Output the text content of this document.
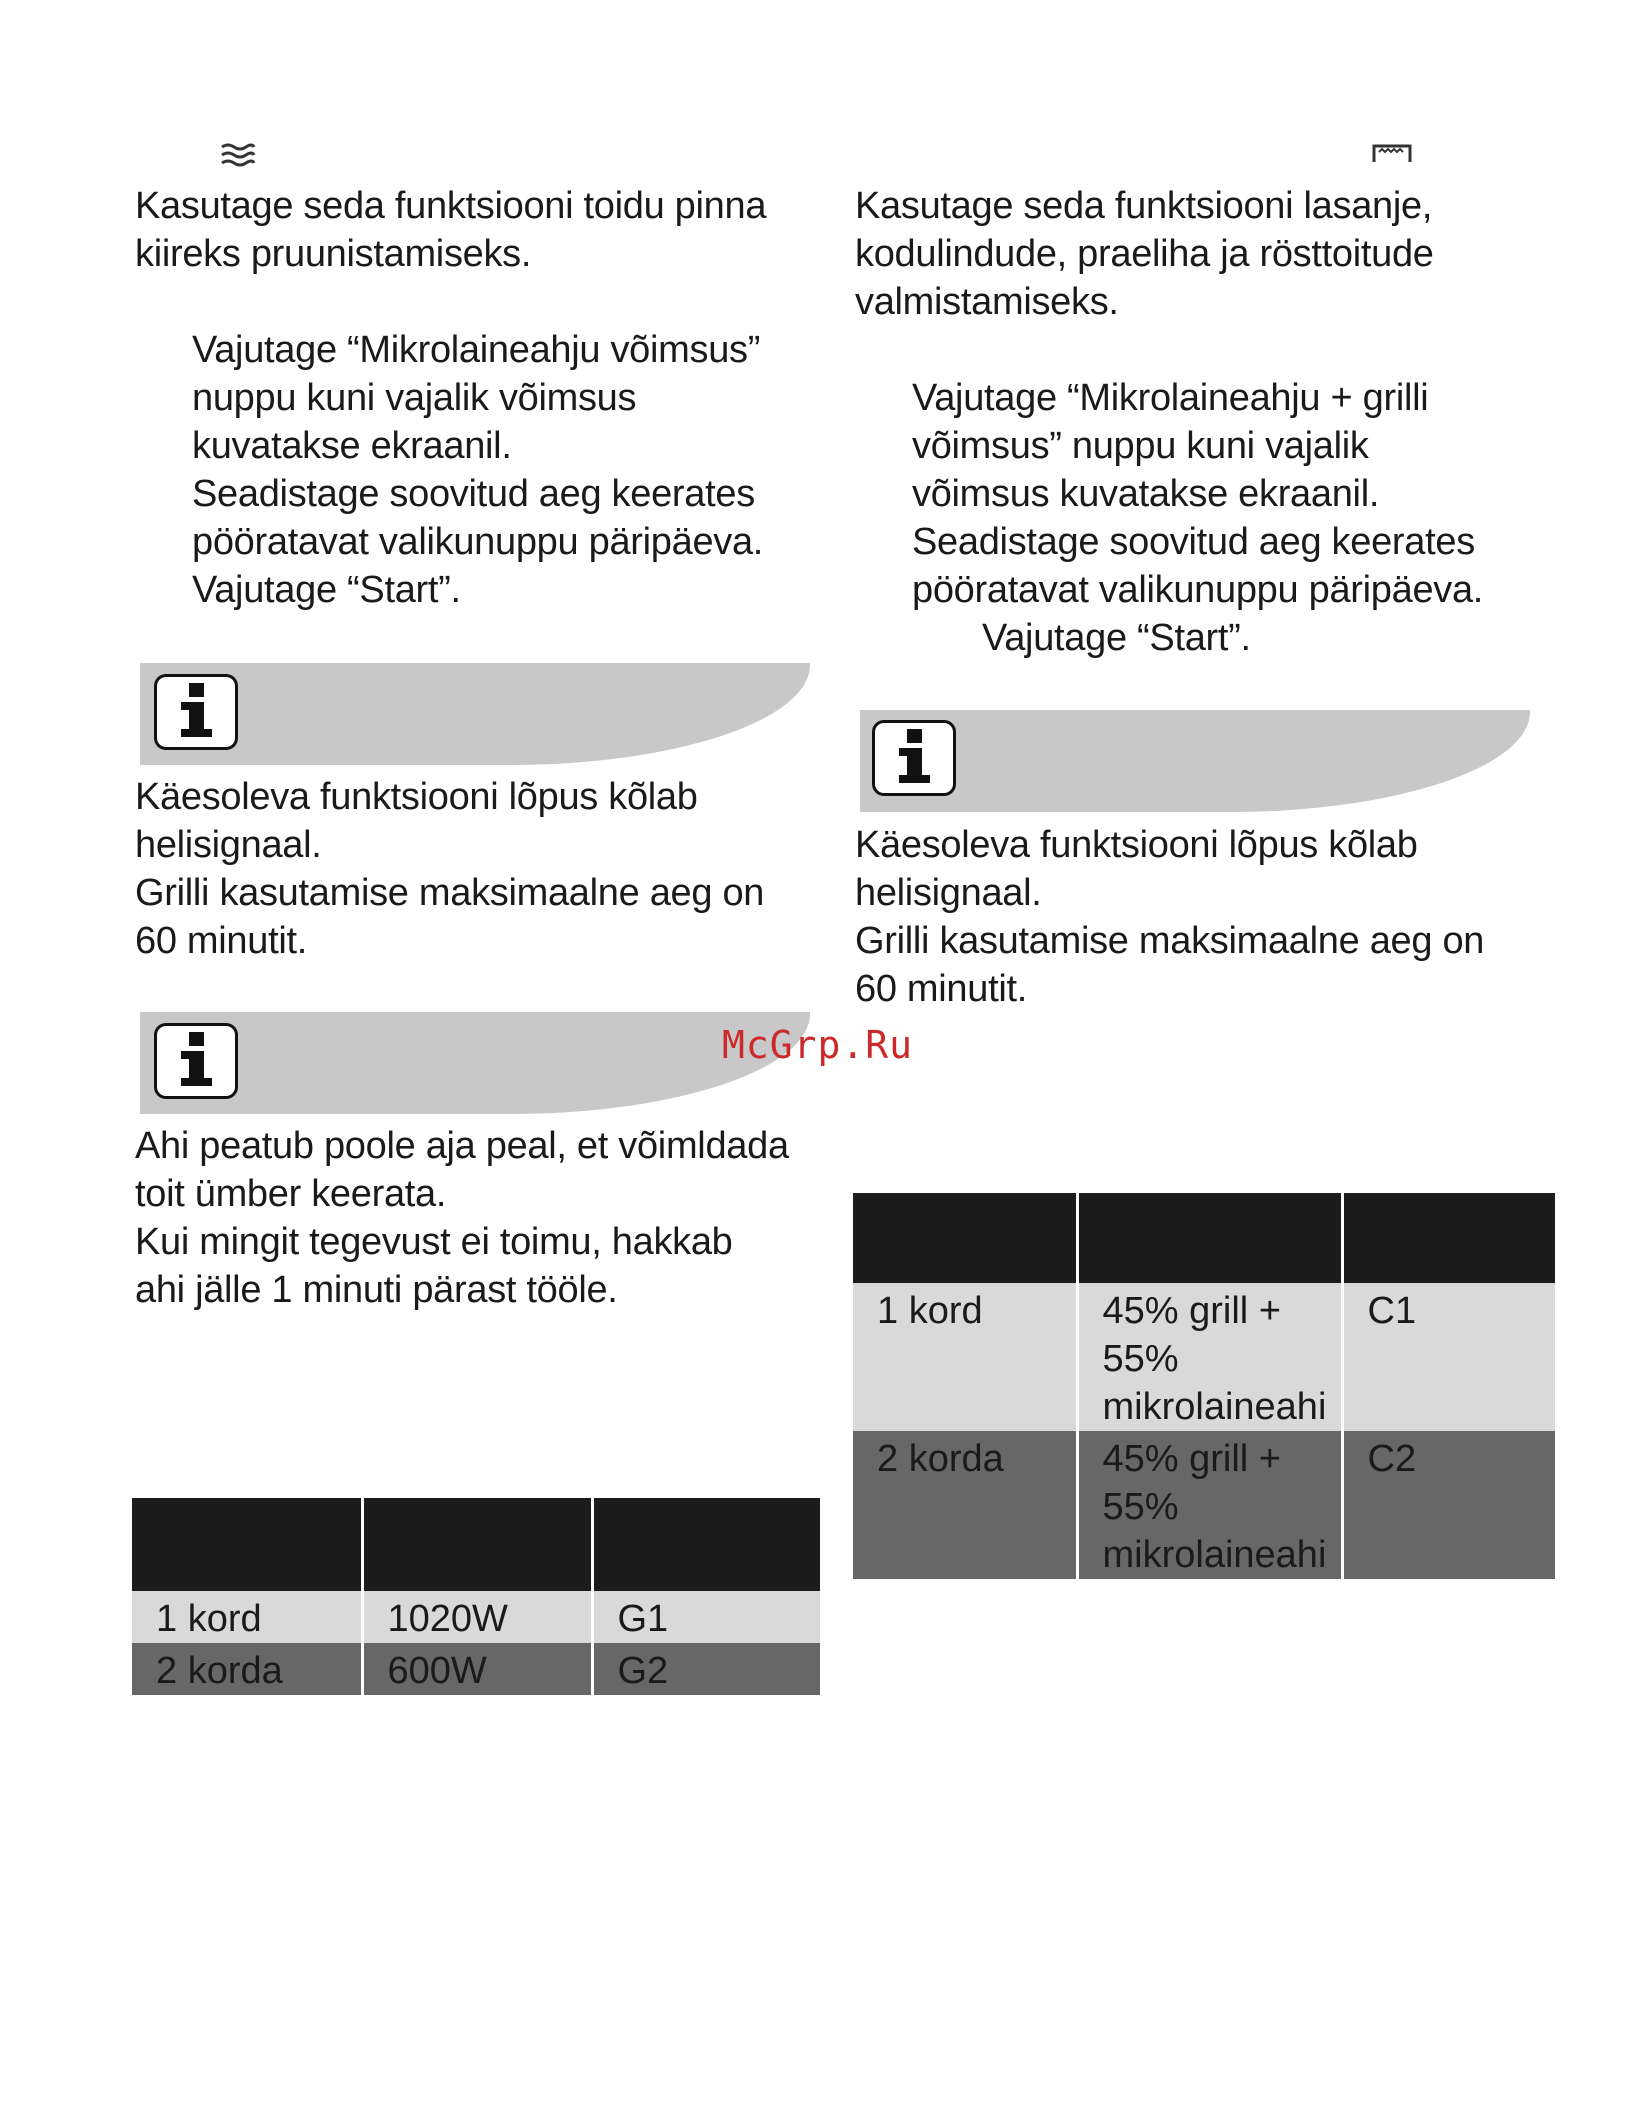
Kasutage seda funktsiooni toidu pinna
kiireks pruunistamiseks.
Vajutage “Mikrolaineahju võimsus”
nuppu kuni vajalik võimsus
kuvatakse ekraanil.
Seadistage soovitud aeg keerates
pööratavat valikunuppu päripäeva.
Vajutage “Start”.
Käesoleva funktsiooni lõpus kõlab
helisignaal.
Grilli kasutamise maksimaalne aeg on
60 minutit.
Ahi peatub poole aja peal, et võimldada
toit ümber keerata.
Kui mingit tegevust ei toimu, hakkab
ahi jälle 1 minuti pärast tööle.

1 kord	1020W	G1
2 korda	600W	G2
Kasutage seda funktsiooni lasanje,
kodulindude, praeliha ja rösttoitude
valmistamiseks.
Vajutage “Mikrolaineahju + grilli
võimsus” nuppu kuni vajalik
võimsus kuvatakse ekraanil.
Seadistage soovitud aeg keerates
pööratavat valikunuppu päripäeva.
Vajutage “Start”.
Käesoleva funktsiooni lõpus kõlab
helisignaal.
Grilli kasutamise maksimaalne aeg on
60 minutit.
McGrp.Ru

1 kord	45% grill + 55% mikrolaineahi	C1
2 korda	45% grill + 55% mikrolaineahi	C2
